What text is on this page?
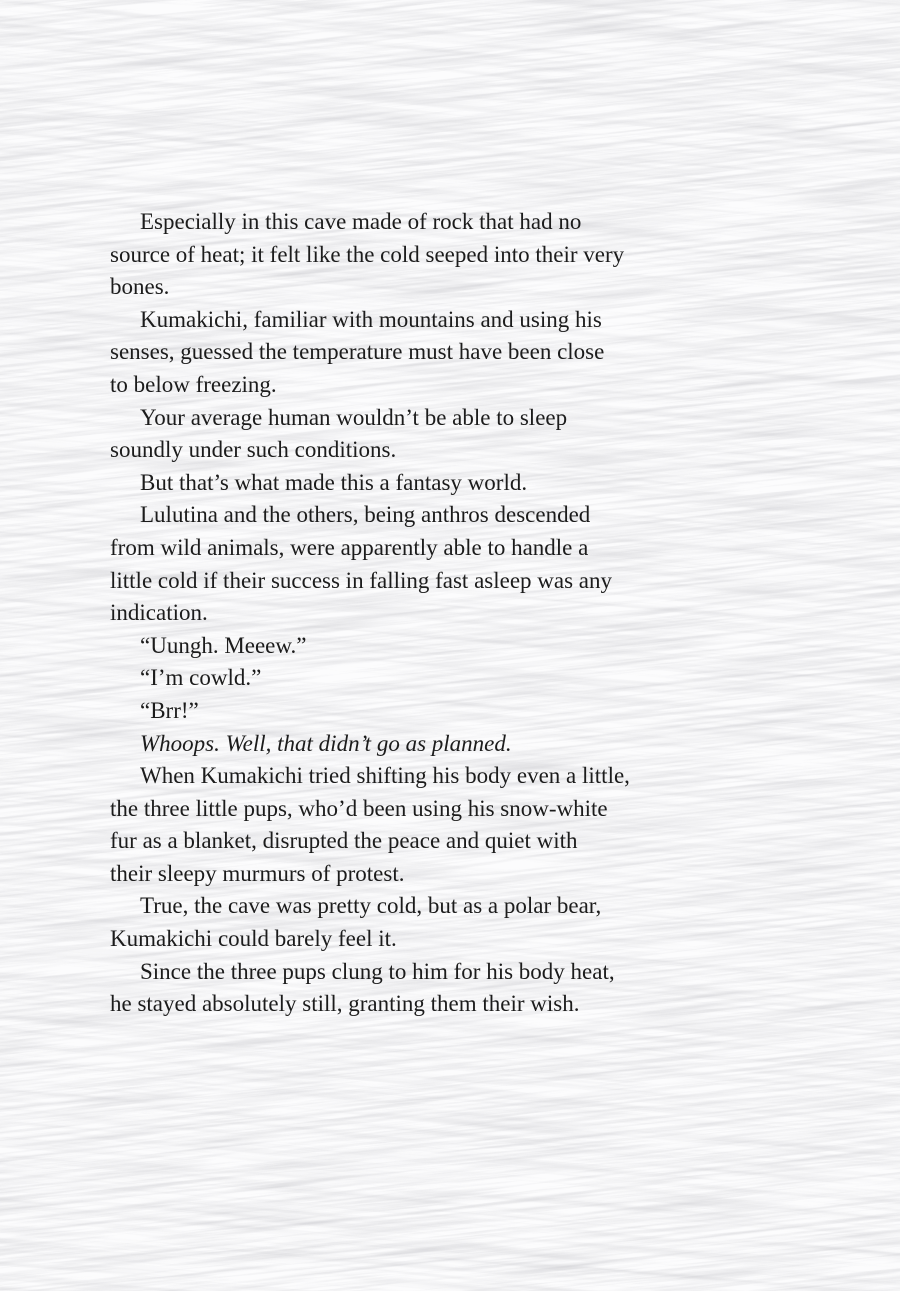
Especially in this cave made of rock that had no
source of heat; it felt like the cold seeped into their very
bones.

Kumakichi, familiar with mountains and using his
senses, guessed the temperature must have been close
to below freezing.

Your average human wouldn’t be able to sleep
soundly under such conditions.

But that’s what made this a fantasy world.

Lulutina and the others, being anthros descended
from wild animals, were apparently able to handle a
little cold if their success in falling fast asleep was any
indication.

“Uungh. Meeew.”

“I’m cowld.”

“Brr!”

Whoops. Well, that didn’t go as planned.

When Kumakichi tried shifting his body even a little,
the three little pups, who’d been using his snow-white
fur as a blanket, disrupted the peace and quiet with
their sleepy murmurs of protest.

True, the cave was pretty cold, but as a polar bear,
Kumakichi could barely feel it.

Since the three pups clung to him for his body heat,
he stayed absolutely still, granting them their wish.
